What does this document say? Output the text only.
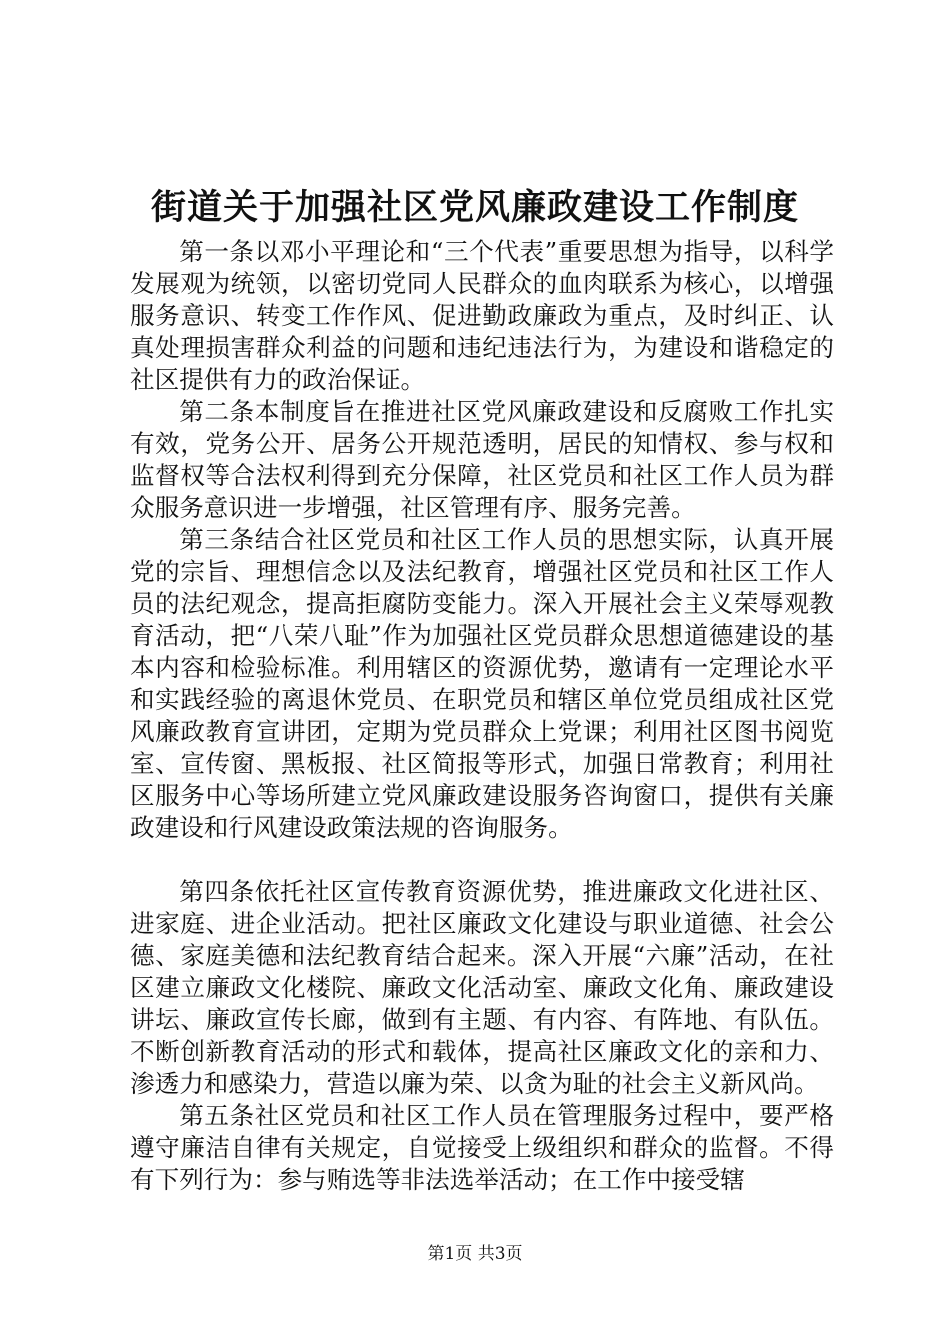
街道关于加强社区党风廉政建设工作制度

第一条以邓小平理论和“三个代表”重要思想为指导，以科学发展观为统领，以密切党同人民群众的血肉联系为核心，以增强服务意识、转变工作作风、促进勤政廉政为重点，及时纠正、认真处理损害群众利益的问题和违纪违法行为，为建设和谐稳定的社区提供有力的政治保证。

第二条本制度旨在推进社区党风廉政建设和反腐败工作扎实有效，党务公开、居务公开规范透明，居民的知情权、参与权和监督权等合法权利得到充分保障，社区党员和社区工作人员为群众服务意识进一步增强，社区管理有序、服务完善。

第三条结合社区党员和社区工作人员的思想实际，认真开展党的宗旨、理想信念以及法纪教育，增强社区党员和社区工作人员的法纪观念，提高拒腐防变能力。深入开展社会主义荣辱观教育活动，把“八荣八耻”作为加强社区党员群众思想道德建设的基本内容和检验标准。利用辖区的资源优势，邀请有一定理论水平和实践经验的离退休党员、在职党员和辖区单位党员组成社区党风廉政教育宣讲团，定期为党员群众上党课；利用社区图书阅览室、宣传窗、黑板报、社区简报等形式，加强日常教育；利用社区服务中心等场所建立党风廉政建设服务咨询窗口，提供有关廉政建设和行风建设政策法规的咨询服务。

第四条依托社区宣传教育资源优势，推进廉政文化进社区、进家庭、进企业活动。把社区廉政文化建设与职业道德、社会公德、家庭美德和法纪教育结合起来。深入开展“六廉”活动，在社区建立廉政文化楼院、廉政文化活动室、廉政文化角、廉政建设讲坛、廉政宣传长廊，做到有主题、有内容、有阵地、有队伍。不断创新教育活动的形式和载体，提高社区廉政文化的亲和力、渗透力和感染力，营造以廉为荣、以贪为耻的社会主义新风尚。

第五条社区党员和社区工作人员在管理服务过程中，要严格遵守廉洁自律有关规定，自觉接受上级组织和群众的监督。不得有下列行为：参与贿选等非法选举活动；在工作中接受辖

第1页 共3页
